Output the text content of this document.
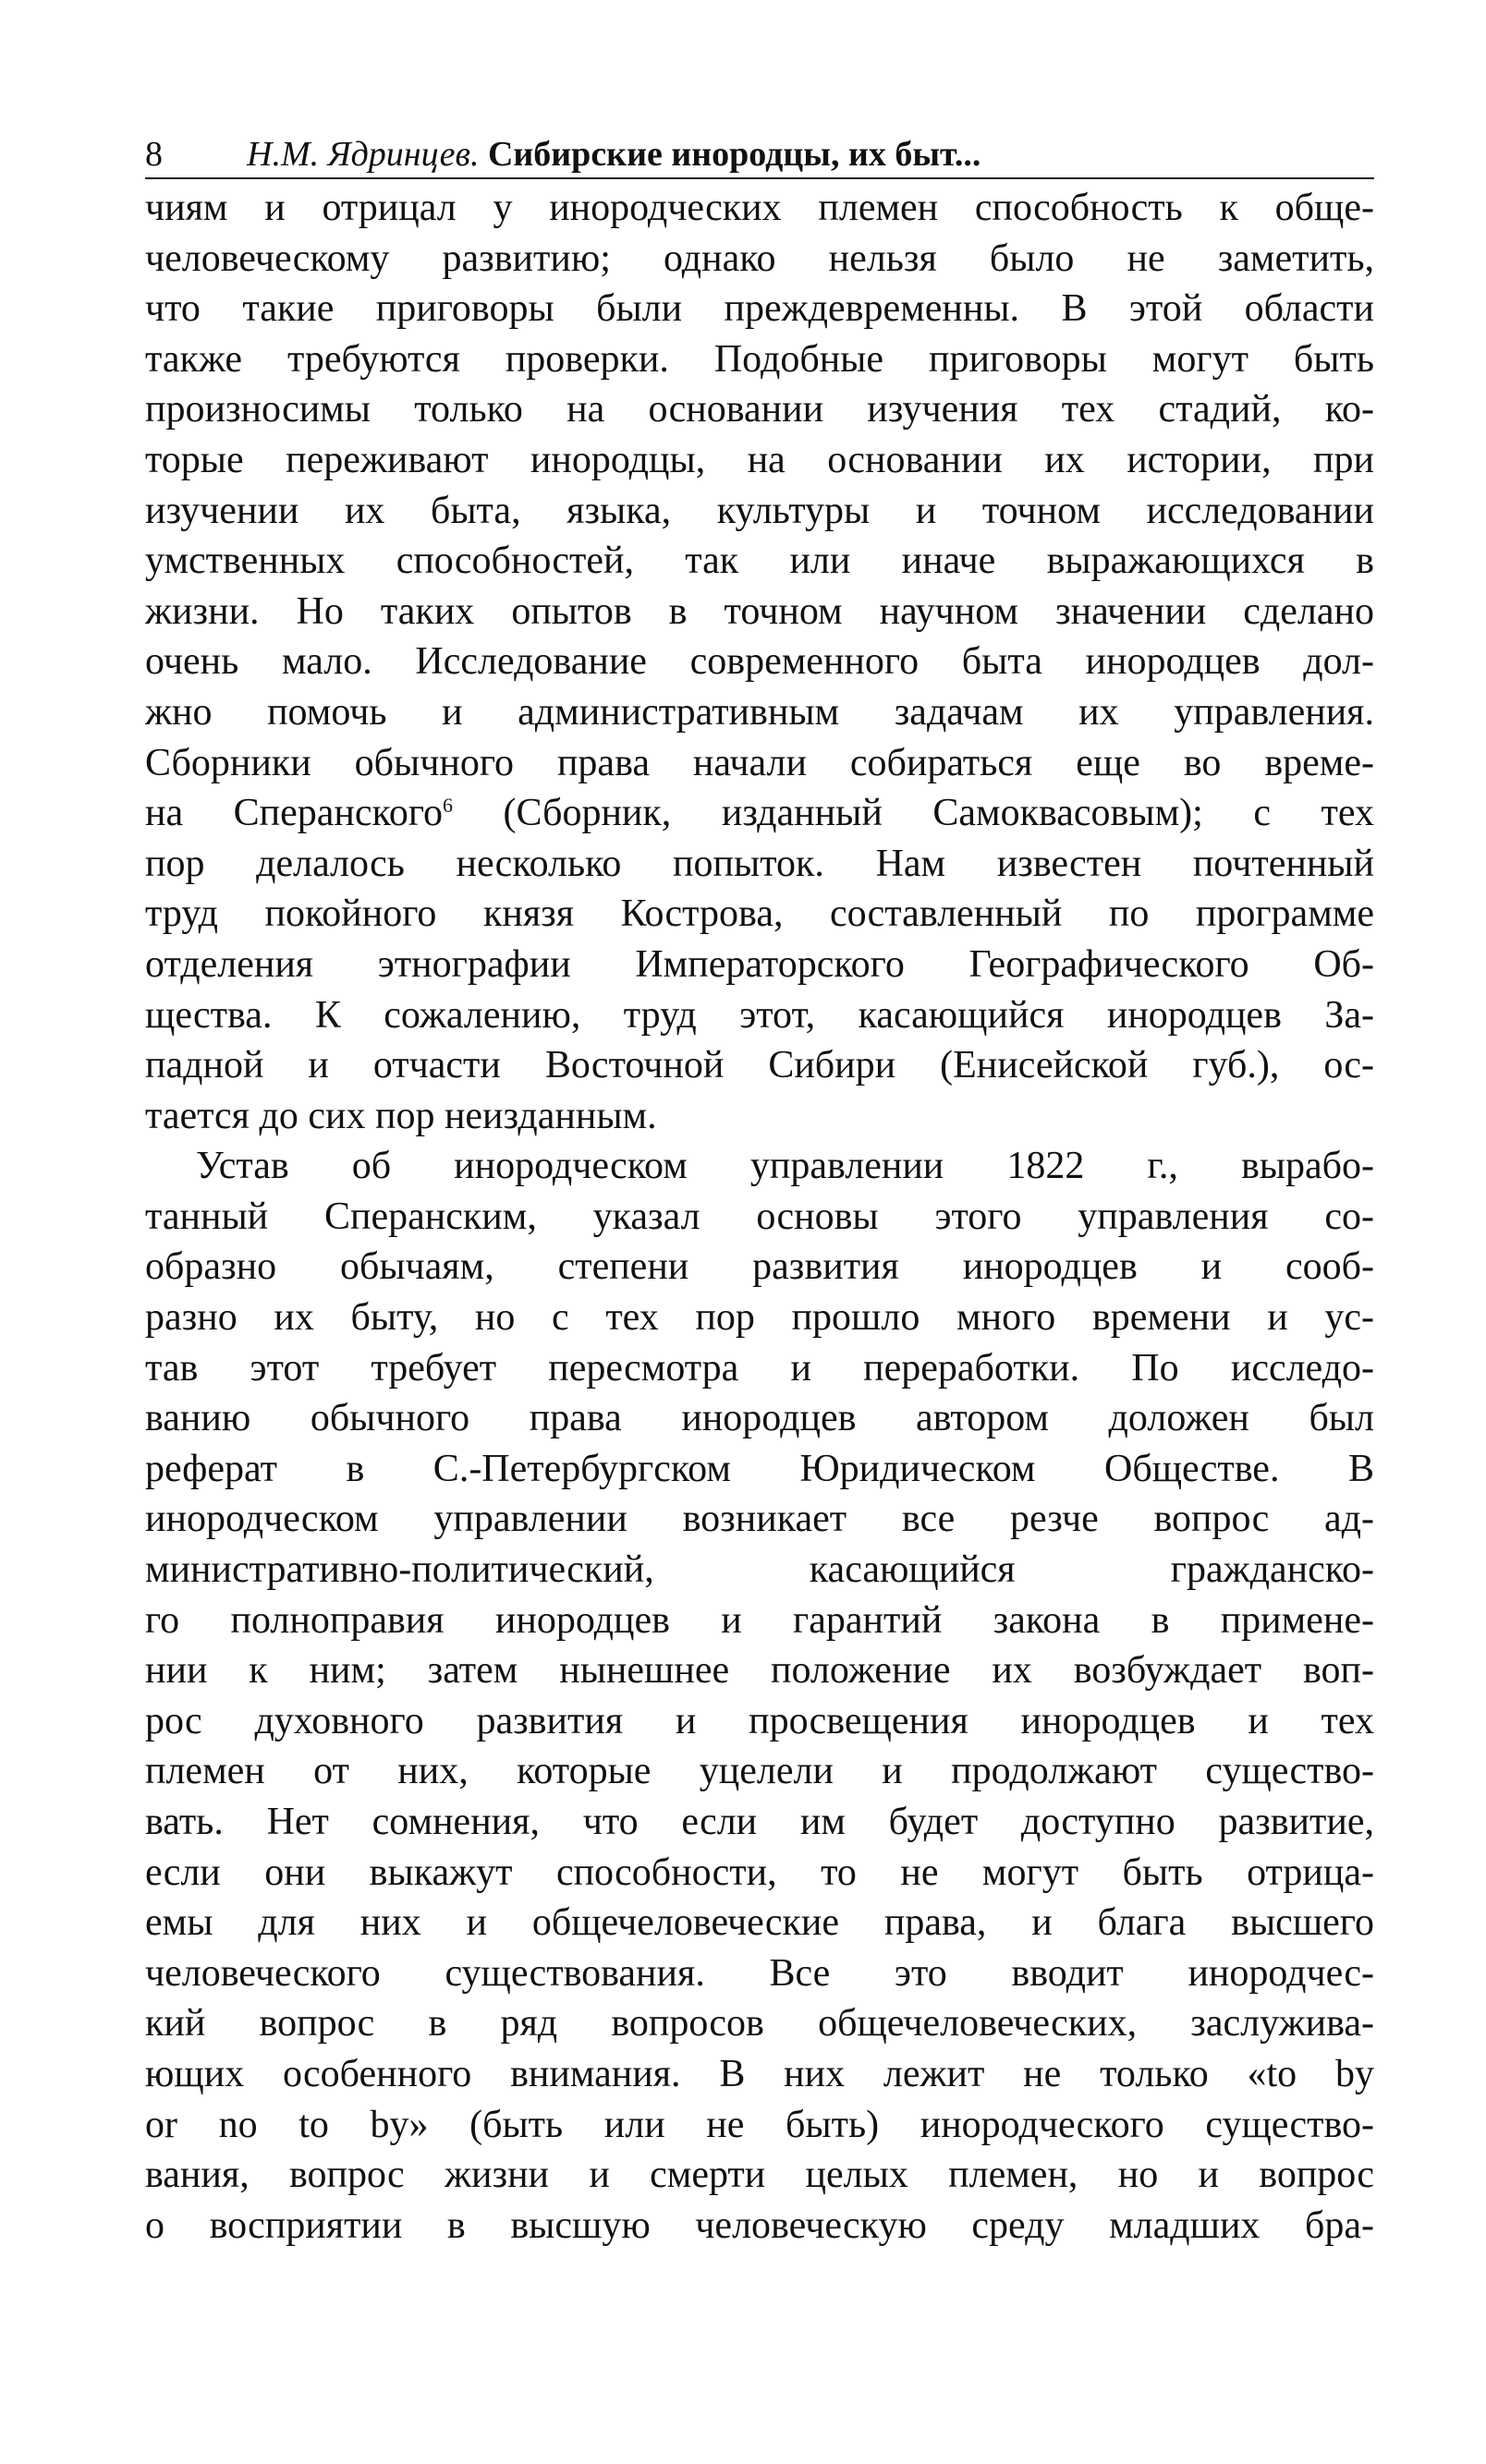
8 Н.М. Ядринцев. Сибирские инородцы, их быт...
чиям и отрицал у инородческих племен способность к обще-
человеческому развитию; однако нельзя было не заметить,
что такие приговоры были преждевременны. В этой области
также требуются проверки. Подобные приговоры могут быть
произносимы только на основании изучения тех стадий, ко-
торые переживают инородцы, на основании их истории, при
изучении их быта, языка, культуры и точном исследовании
умственных способностей, так или иначе выражающихся в
жизни. Но таких опытов в точном научном значении сделано
очень мало. Исследование современного быта инородцев дол-
жно помочь и административным задачам их управления.
Сборники обычного права начали собираться еще во време-
на Сперанского$^6$ (Сборник, изданный Самоквасовым); с тех
пор делалось несколько попыток. Нам известен почтенный
труд покойного князя Кострова, составленный по программе
отделения этнографии Императорского Географического Об-
щества. К сожалению, труд этот, касающийся инородцев За-
падной и отчасти Восточной Сибири (Енисейской губ.), ос-
тается до сих пор неизданным.
Устав об инородческом управлении 1822 г., вырабо-
танный Сперанским, указал основы этого управления со-
образно обычаям, степени развития инородцев и сооб-
разно их быту, но с тех пор прошло много времени и ус-
тав этот требует пересмотра и переработки. По исследо-
ванию обычного права инородцев автором доложен был
реферат в С.-Петербургском Юридическом Обществе. В
инородческом управлении возникает все резче вопрос ад-
министративно-политический, касающийся гражданско-
го полноправия инородцев и гарантий закона в примене-
нии к ним; затем нынешнее положение их возбуждает воп-
рос духовного развития и просвещения инородцев и тех
племен от них, которые уцелели и продолжают существо-
вать. Нет сомнения, что если им будет доступно развитие,
если они выкажут способности, то не могут быть отрица-
емы для них и общечеловеческие права, и блага высшего
человеческого существования. Все это вводит инородчес-
кий вопрос в ряд вопросов общечеловеческих, заслужива-
ющих особенного внимания. В них лежит не только «to by
or no to by» (быть или не быть) инородческого существо-
вания, вопрос жизни и смерти целых племен, но и вопрос
о восприятии в высшую человеческую среду младших бра-
